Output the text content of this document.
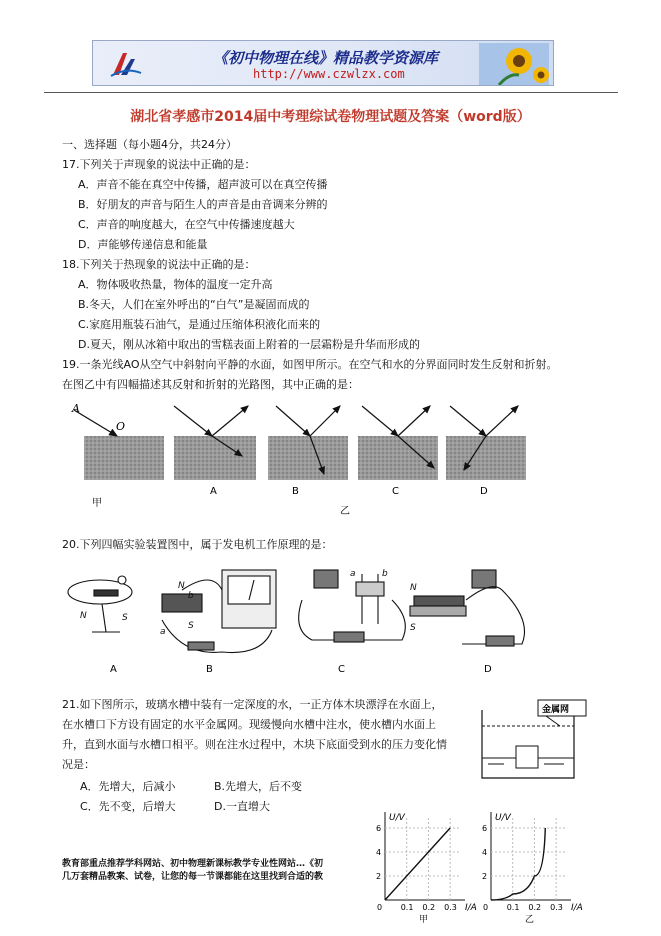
《初中物理在线》精品教学资源库
http://www.czwlzx.com
湖北省孝感市2014届中考理综试卷物理试题及答案（word版）
一、选择题（每小题4分，共24分）
17.下列关于声现象的说法中正确的是：
A．声音不能在真空中传播，超声波可以在真空传播
B．好朋友的声音与陌生人的声音是由音调来分辨的
C．声音的响度越大，在空气中传播速度越大
D．声能够传递信息和能量
18.下列关于热现象的说法中正确的是：
A．物体吸收热量，物体的温度一定升高
B.冬天，人们在室外呼出的“白气”是凝固而成的
C.家庭用瓶装石油气，是通过压缩体积液化而来的
D.夏天，刚从冰箱中取出的雪糕表面上附着的一层霜粉是升华而形成的
19.一条光线AO从空气中斜射向平静的水面，如图甲所示。在空气和水的分界面同时发生反射和折射。
在图乙中有四幅描述其反射和折射的光路图，其中正确的是：
A
O
甲
A	B	C	D
乙
20.下列四幅实验装置图中，属于发电机工作原理的是：
N	S
N
S
a
b
a	b
N
S
A	B	C	D
21.如下图所示，玻璃水槽中装有一定深度的水，一正方体木块漂浮在水面上，
在水槽口下方设有固定的水平金属网。现缓慢向水槽中注水，使水槽内水面上
升，直到水面与水槽口相平。则在注水过程中，木块下底面受到水的压力变化情
况是：
A．先增大，后减小	B.先增大，后不变
C．先不变，后增大	D.一直增大
金属网
U/V
I/A
0
2
4
6
0.1 0.2 0.3
甲
U/V
I/A
0
2
4
6
0.1 0.2 0.3
乙
教育部重点推荐学科网站、初中物理新课标教学专业性网站…《初
几万套精品教案、试卷，让您的每一节课都能在这里找到合适的教
